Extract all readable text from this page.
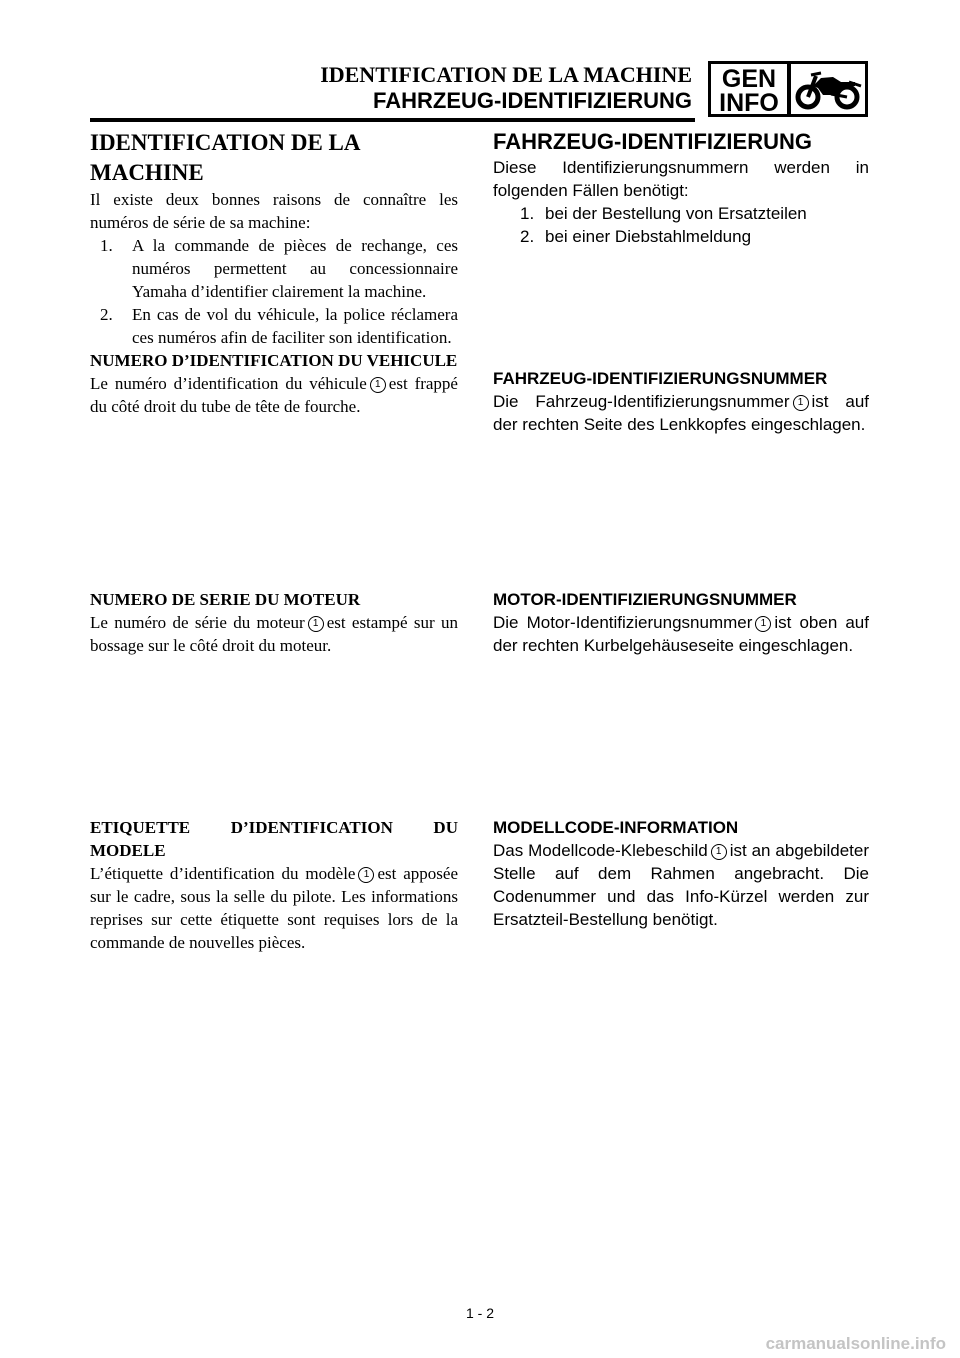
IDENTIFICATION DE LA MACHINE
FAHRZEUG-IDENTIFIZIERUNG
GEN
INFO
IDENTIFICATION DE LA MACHINE

Il existe deux bonnes raisons de connaître les numéros de série de sa machine:

1. A la commande de pièces de rechange, ces numéros permettent au concessionnaire Yamaha d’identifier clairement la machine.
2. En cas de vol du véhicule, la police réclamera ces numéros afin de faciliter son identification.

NUMERO D’IDENTIFICATION DU VEHICULE

Le numéro d’identification du véhicule 1 est frappé du côté droit du tube de tête de fourche.

NUMERO DE SERIE DU MOTEUR

Le numéro de série du moteur 1 est estampé sur un bossage sur le côté droit du moteur.

ETIQUETTE D’IDENTIFICATION DU MODELE

L’étiquette d’identification du modèle 1 est apposée sur le cadre, sous la selle du pilote. Les informations reprises sur cette étiquette sont requises lors de la commande de nouvelles pièces.

FAHRZEUG-IDENTIFIZIERUNG

Diese Identifizierungsnummern werden in folgenden Fällen benötigt:

1. bei der Bestellung von Ersatzteilen
2. bei einer Diebstahlmeldung

FAHRZEUG-IDENTIFIZIERUNGSNUMMER

Die Fahrzeug-Identifizierungsnummer 1 ist auf der rechten Seite des Lenkkopfes eingeschlagen.

MOTOR-IDENTIFIZIERUNGSNUMMER

Die Motor-Identifizierungsnummer 1 ist oben auf der rechten Kurbelgehäuseseite eingeschlagen.

MODELLCODE-INFORMATION

Das Modellcode-Klebeschild 1 ist an abgebildeter Stelle auf dem Rahmen angebracht. Die Codenummer und das Info-Kürzel werden zur Ersatzteil-Bestellung benötigt.

1 - 2
carmanualsonline.info
